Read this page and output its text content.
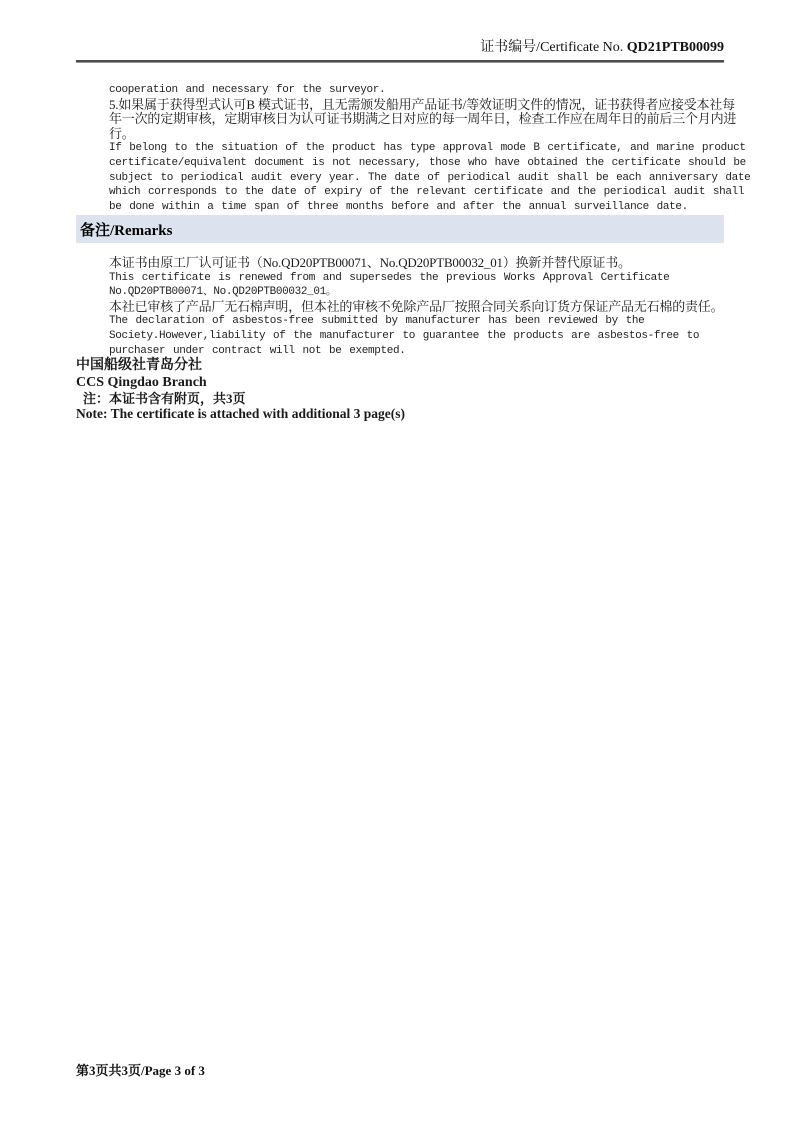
证书编号/Certificate No. QD21PTB00099
cooperation and necessary for the surveyor.
5.如果属于获得型式认可B 模式证书，且无需颁发船用产品证书/等效证明文件的情况，证书获得者应接受本社每
年一次的定期审核，定期审核日为认可证书期满之日对应的每一周年日，检查工作应在周年日的前后三个月内进
行。
If belong to the situation of the product has type approval mode B certificate, and marine product
certificate/equivalent document is not necessary, those who have obtained the certificate should be
subject to periodical audit every year. The date of periodical audit shall be each anniversary date
which corresponds to the date of expiry of the relevant certificate and the periodical audit shall
be done within a time span of three months before and after the annual surveillance date.
备注/Remarks
本证书由原工厂认可证书（No.QD20PTB00071、No.QD20PTB00032_01）换新并替代原证书。
This certificate is renewed from and supersedes the previous Works Approval Certificate
No.QD20PTB00071、No.QD20PTB00032_01。
本社已审核了产品厂无石棉声明，但本社的审核不免除产品厂按照合同关系向订货方保证产品无石棉的责任。
The declaration of asbestos-free submitted by manufacturer has been reviewed by the
Society.However,liability of the manufacturer to guarantee the products are asbestos-free to
purchaser under contract will not be exempted.
中国船级社青岛分社
CCS Qingdao Branch
注：本证书含有附页，共3页
Note: The certificate is attached with additional 3 page(s)
第3页共3页/Page 3 of 3
